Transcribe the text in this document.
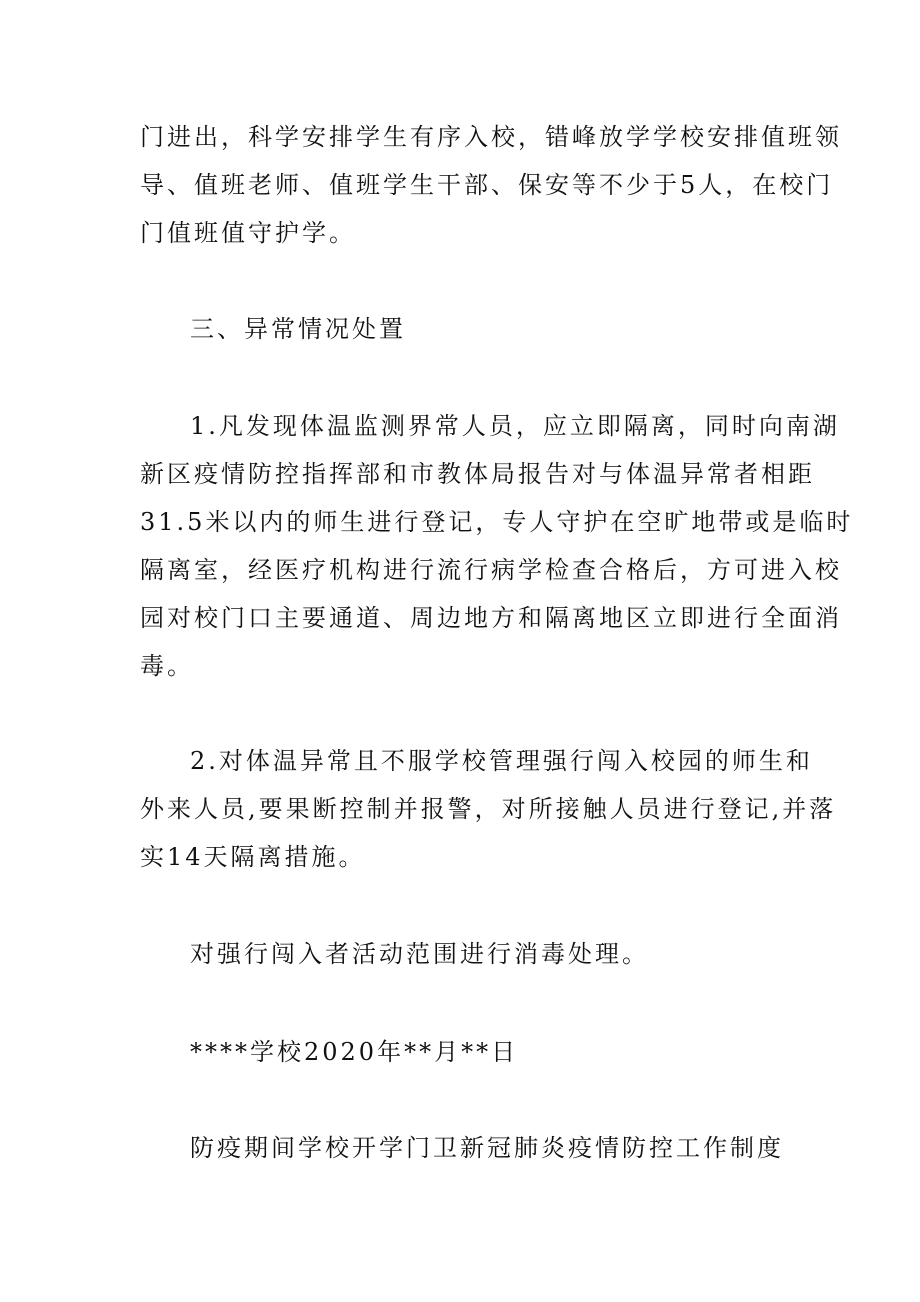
门进出，科学安排学生有序入校，错峰放学学校安排值班领
导、值班老师、值班学生干部、保安等不少于5人，在校门
门值班值守护学。

三、异常情况处置

1.凡发现体温监测界常人员，应立即隔离，同时向南湖
新区疫情防控指挥部和市教体局报告对与体温异常者相距
31.5米以内的师生进行登记，专人守护在空旷地带或是临时
隔离室，经医疗机构进行流行病学检查合格后，方可进入校
园对校门口主要通道、周边地方和隔离地区立即进行全面消
毒。

2.对体温异常且不服学校管理强行闯入校园的师生和
外来人员,要果断控制并报警，对所接触人员进行登记,并落
实14天隔离措施。

对强行闯入者活动范围进行消毒处理。

****学校2020年**月**日

防疫期间学校开学门卫新冠肺炎疫情防控工作制度
